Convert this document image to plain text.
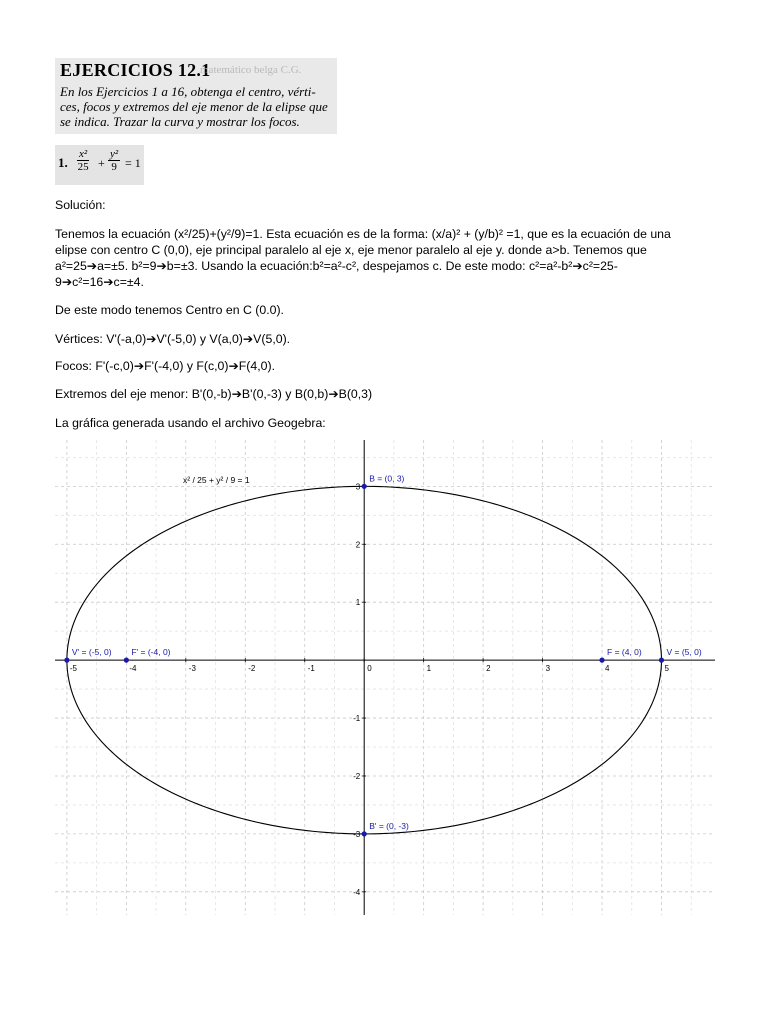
EJERCICIOS 12.1
matemático belga C.G.
En los Ejercicios 1 a 16, obtenga el centro, vérti-ces, focos y extremos del eje menor de la elipse que se indica. Trazar la curva y mostrar los focos.
1. $\frac{\text{x²}}{25} + \frac{\text{y²}}{9} = 1$
Solución:
Tenemos la ecuación (x²/25)+(y²/9)=1. Esta ecuación es de la forma: (x/a)² + (y/b)² =1, que es la ecuación de una
elipse con centro C (0,0), eje principal paralelo al eje x, eje menor paralelo al eje y. donde a>b. Tenemos que
a²=25➔a=±5. b²=9➔b=±3. Usando la ecuación:b²=a²-c², despejamos c. De este modo: c²=a²-b²➔c²=25-
9➔c²=16➔c=±4.
De este modo tenemos Centro en C (0.0).
Vértices: V'(-a,0)➔V'(-5,0) y V(a,0)➔V(5,0).
Focos: F'(-c,0)➔F'(-4,0) y F(c,0)➔F(4,0).
Extremos del eje menor: B'(0,-b)➔B'(0,-3) y B(0,b)➔B(0,3)
La gráfica generada usando el archivo Geogebra:
-5	-4	-3	-2	-1	0	1	2	3	4	5
3
2
1
-1
-2
-3
-4
x² / 25 + y² / 9 = 1	B = (0, 3)
B' = (0, -3)
V' = (-5, 0) F' = (-4, 0)	F = (4, 0)	V = (5, 0)
